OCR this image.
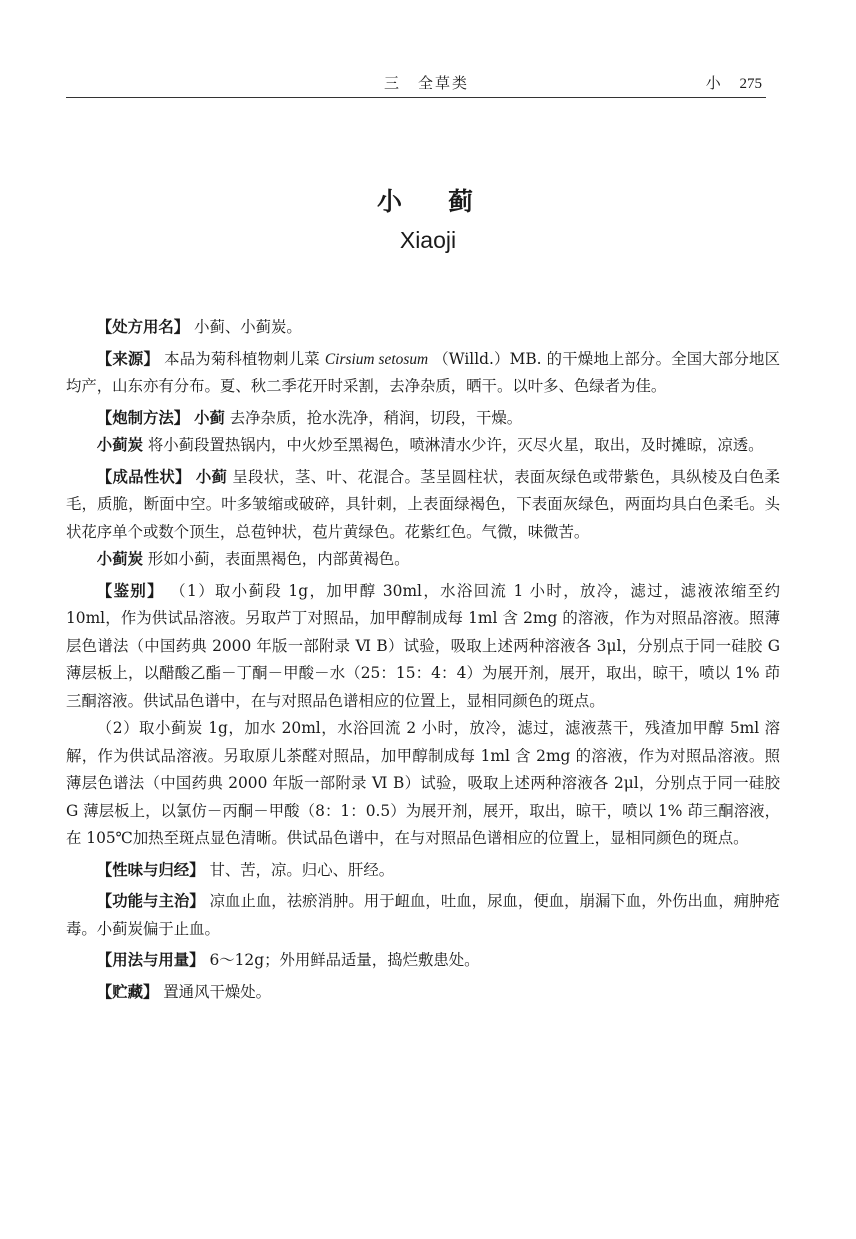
三　全草类	小 275
小蓟
Xiaoji

【处方用名】 小蓟、小蓟炭。

【来源】 本品为菊科植物刺儿菜 Cirsium setosum （Willd.）MB. 的干燥地上部分。全国大部分地区均产，山东亦有分布。夏、秋二季花开时采割，去净杂质，晒干。以叶多、色绿者为佳。

【炮制方法】 小蓟 去净杂质，抢水洗净，稍润，切段，干燥。

小蓟炭 将小蓟段置热锅内，中火炒至黑褐色，喷淋清水少许，灭尽火星，取出，及时摊晾，凉透。

【成品性状】 小蓟 呈段状，茎、叶、花混合。茎呈圆柱状，表面灰绿色或带紫色，具纵棱及白色柔毛，质脆，断面中空。叶多皱缩或破碎，具针刺，上表面绿褐色，下表面灰绿色，两面均具白色柔毛。头状花序单个或数个顶生，总苞钟状，苞片黄绿色。花紫红色。气微，味微苦。

小蓟炭 形如小蓟，表面黑褐色，内部黄褐色。

【鉴别】 （1）取小蓟段 1g，加甲醇 30ml，水浴回流 1 小时，放冷，滤过，滤液浓缩至约 10ml，作为供试品溶液。另取芦丁对照品，加甲醇制成每 1ml 含 2mg 的溶液，作为对照品溶液。照薄层色谱法（中国药典 2000 年版一部附录 Ⅵ B）试验，吸取上述两种溶液各 3μl，分别点于同一硅胶 G 薄层板上，以醋酸乙酯－丁酮－甲酸－水（25：15：4：4）为展开剂，展开，取出，晾干，喷以 1% 茚三酮溶液。供试品色谱中，在与对照品色谱相应的位置上，显相同颜色的斑点。

（2）取小蓟炭 1g，加水 20ml，水浴回流 2 小时，放冷，滤过，滤液蒸干，残渣加甲醇 5ml 溶解，作为供试品溶液。另取原儿茶醛对照品，加甲醇制成每 1ml 含 2mg 的溶液，作为对照品溶液。照薄层色谱法（中国药典 2000 年版一部附录 Ⅵ B）试验，吸取上述两种溶液各 2μl，分别点于同一硅胶 G 薄层板上，以氯仿－丙酮－甲酸（8：1：0.5）为展开剂，展开，取出，晾干，喷以 1% 茚三酮溶液，在 105℃加热至斑点显色清晰。供试品色谱中，在与对照品色谱相应的位置上，显相同颜色的斑点。

【性味与归经】 甘、苦，凉。归心、肝经。

【功能与主治】 凉血止血，祛瘀消肿。用于衄血，吐血，尿血，便血，崩漏下血，外伤出血，痈肿疮毒。小蓟炭偏于止血。

【用法与用量】 6～12g；外用鲜品适量，捣烂敷患处。

【贮藏】 置通风干燥处。
